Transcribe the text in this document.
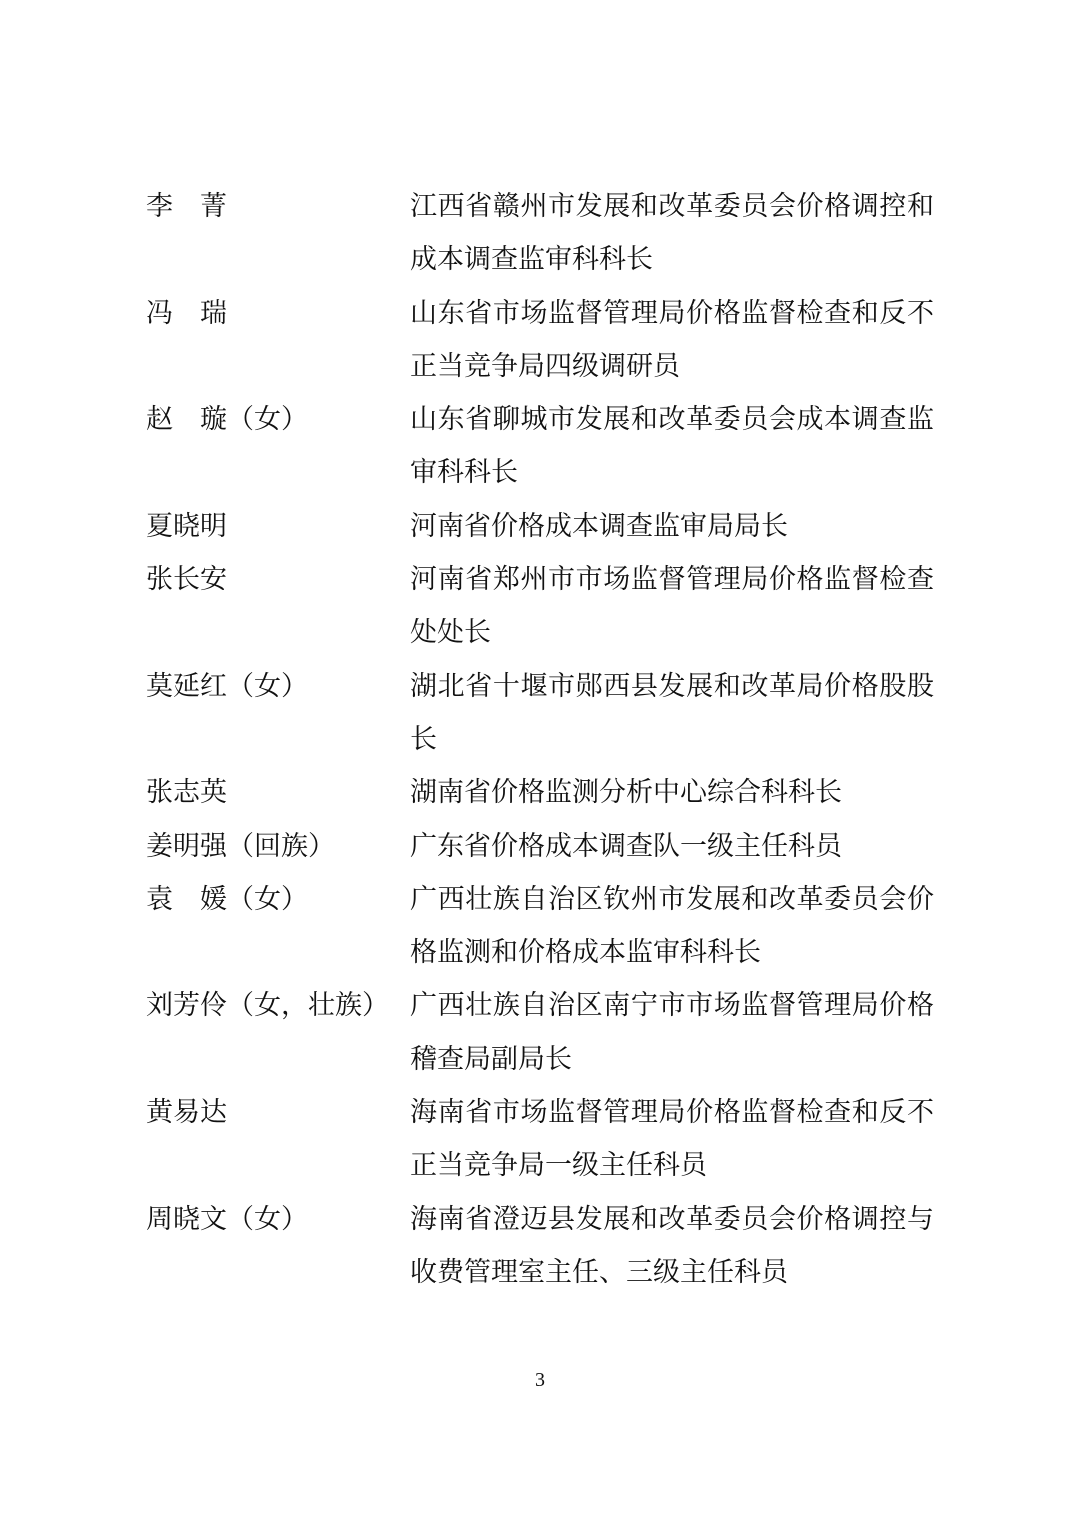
李　菁	江西省赣州市发展和改革委员会价格调控和成本调查监审科科长
冯　瑞	山东省市场监督管理局价格监督检查和反不正当竞争局四级调研员
赵　璇（女）	山东省聊城市发展和改革委员会成本调查监审科科长
夏晓明	河南省价格成本调查监审局局长
张长安	河南省郑州市市场监督管理局价格监督检查处处长
莫延红（女）	湖北省十堰市郧西县发展和改革局价格股股长
张志英	湖南省价格监测分析中心综合科科长
姜明强（回族）	广东省价格成本调查队一级主任科员
袁　媛（女）	广西壮族自治区钦州市发展和改革委员会价格监测和价格成本监审科科长
刘芳伶（女，壮族） 广西壮族自治区南宁市市场监督管理局价格稽查局副局长
黄易达	海南省市场监督管理局价格监督检查和反不正当竞争局一级主任科员
周晓文（女）	海南省澄迈县发展和改革委员会价格调控与收费管理室主任、三级主任科员
3
